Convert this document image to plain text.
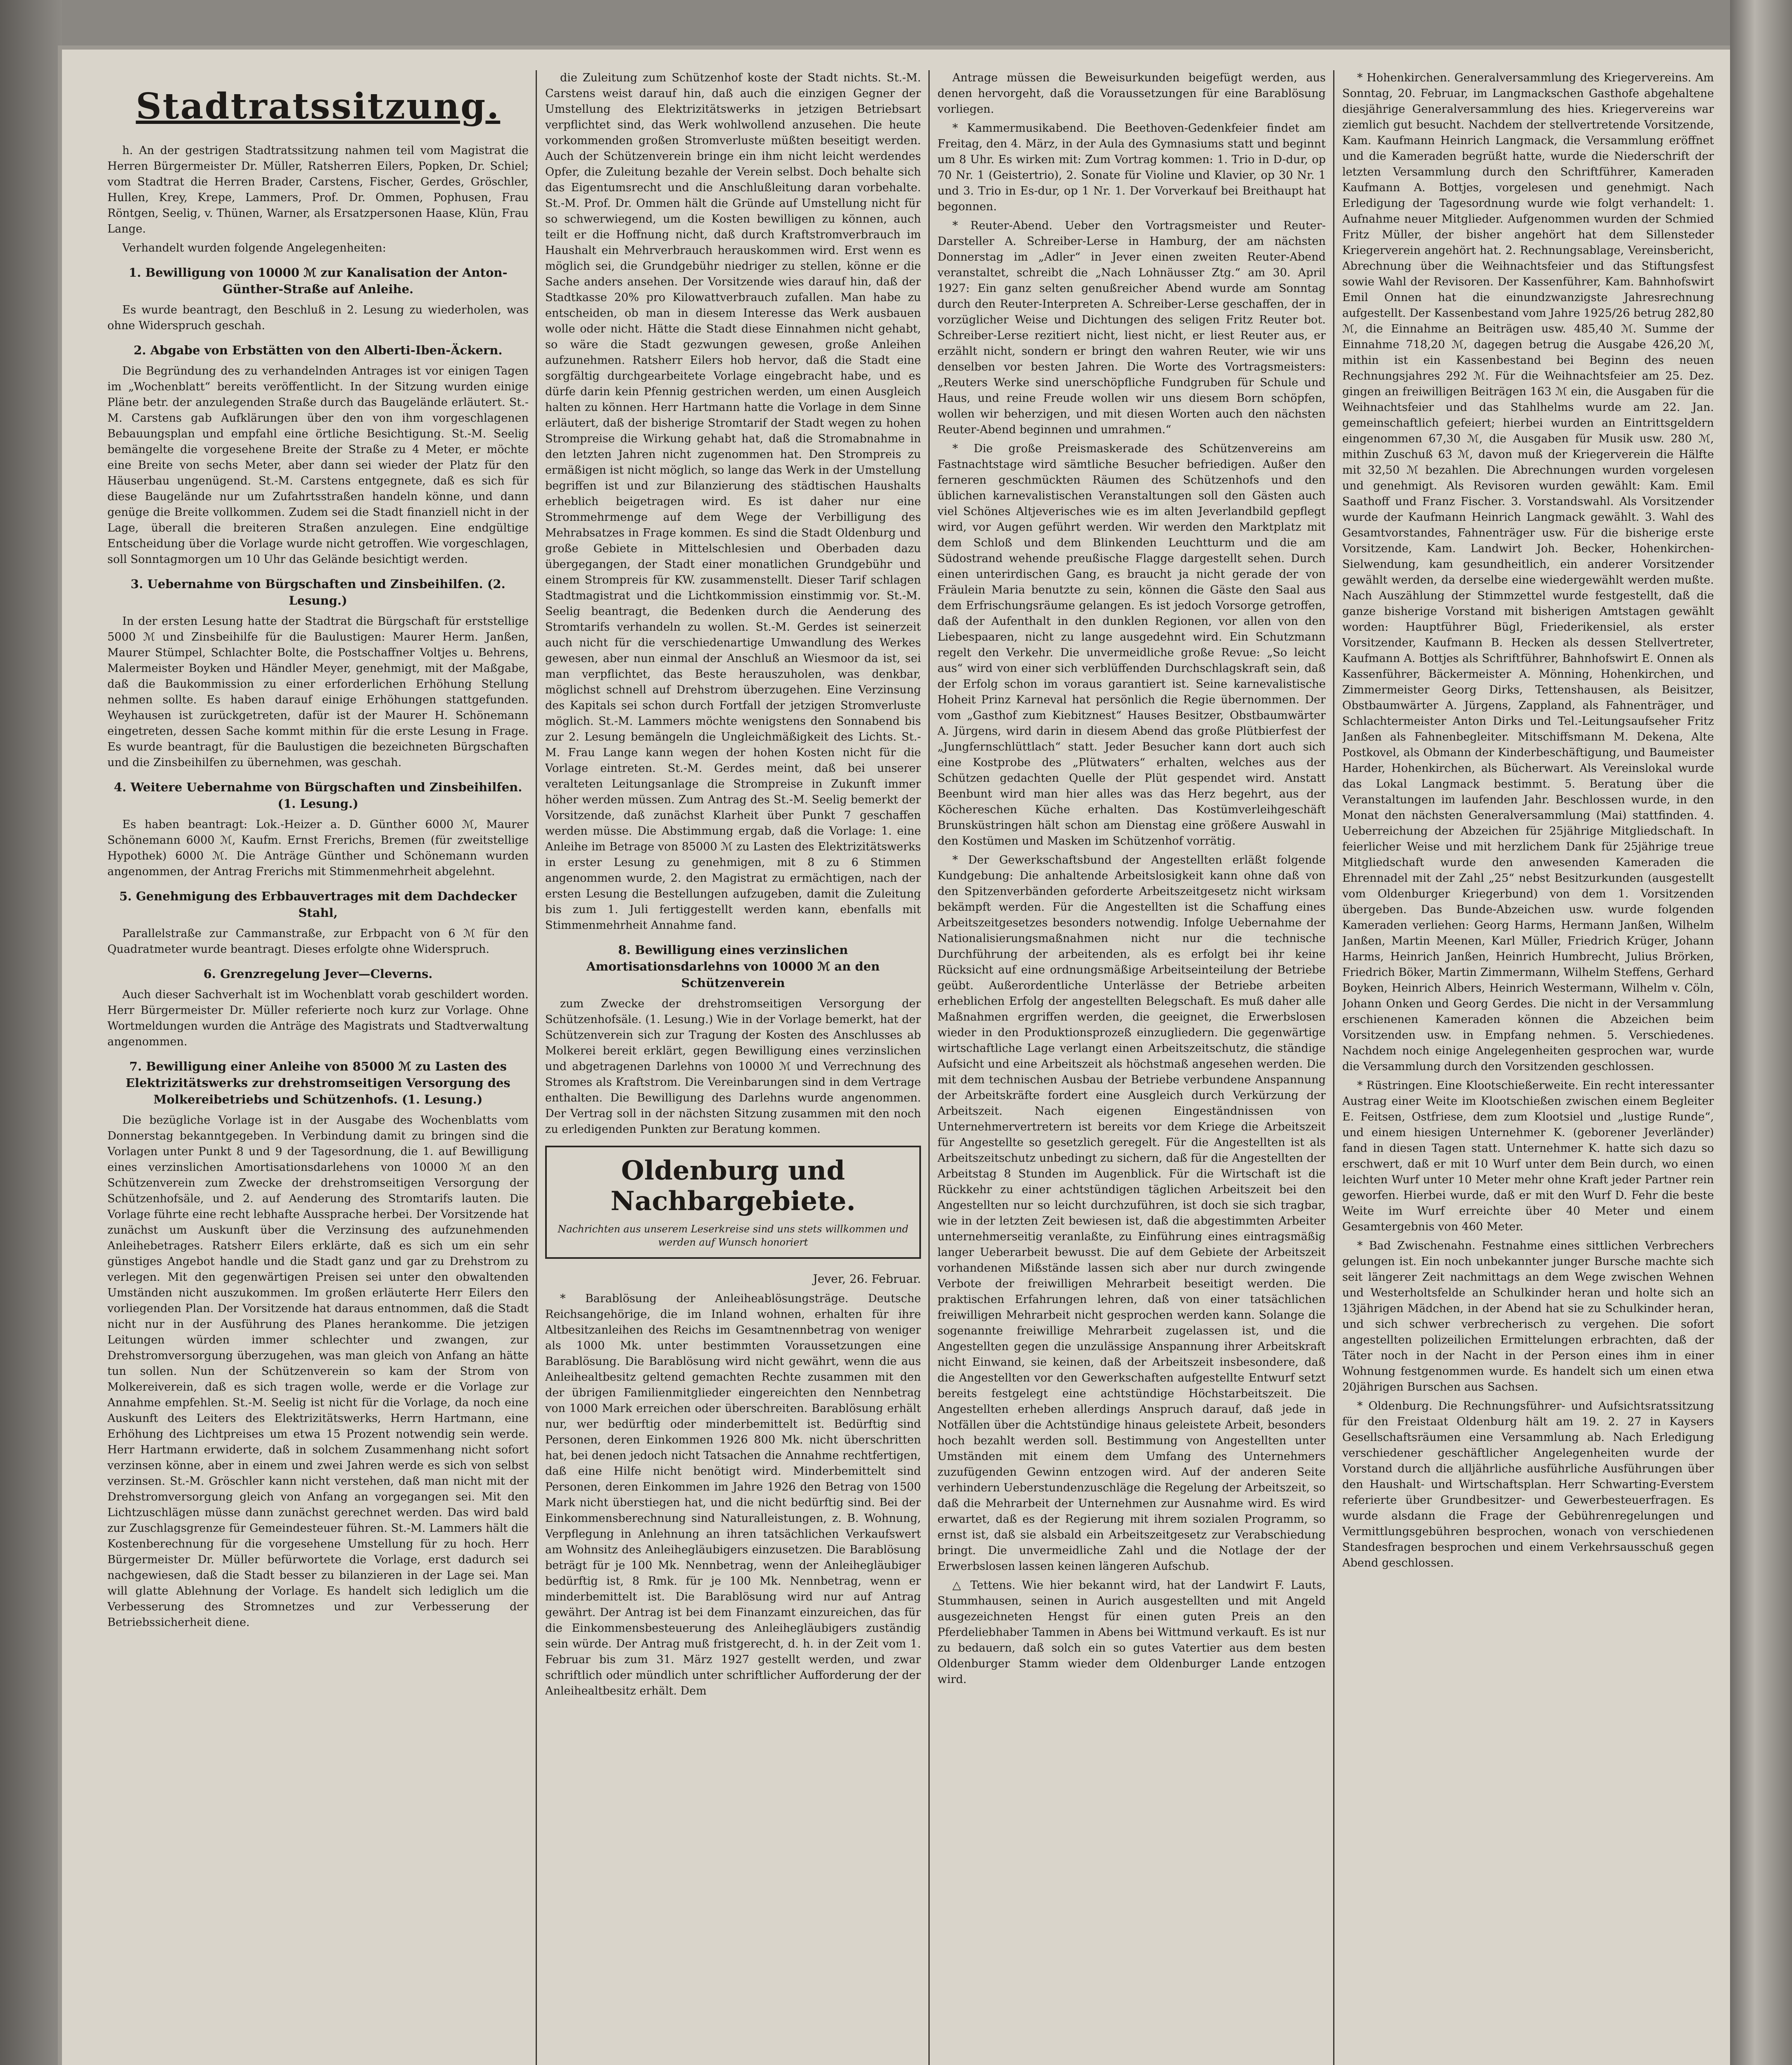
Stadtratssitzung.

h. An der gestrigen Stadtratssitzung nahmen teil vom Magistrat die Herren Bürgermeister Dr. Müller, Ratsherren Eilers, Popken, Dr. Schiel; vom Stadtrat die Herren Brader, Carstens, Fischer, Gerdes, Gröschler, Hullen, Krey, Krepe, Lammers, Prof. Dr. Ommen, Pophusen, Frau Röntgen, Seelig, v. Thünen, Warner, als Ersatzpersonen Haase, Klün, Frau Lange.

Verhandelt wurden folgende Angelegenheiten:

1. Bewilligung von 10000 ℳ zur Kanalisation der Anton-Günther-Straße auf Anleihe.

Es wurde beantragt, den Beschluß in 2. Lesung zu wiederholen, was ohne Widerspruch geschah.

2. Abgabe von Erbstätten von den Alberti-Iben-Äckern.

Die Begründung des zu verhandelnden Antrages ist vor einigen Tagen im „Wochenblatt“ bereits veröffentlicht. In der Sitzung wurden einige Pläne betr. der anzulegenden Straße durch das Baugelände erläutert. St.-M. Carstens gab Aufklärungen über den von ihm vorgeschlagenen Bebauungsplan und empfahl eine örtliche Besichtigung. St.-M. Seelig bemängelte die vorgesehene Breite der Straße zu 4 Meter, er möchte eine Breite von sechs Meter, aber dann sei wieder der Platz für den Häuserbau ungenügend. St.-M. Carstens entgegnete, daß es sich für diese Baugelände nur um Zufahrtsstraßen handeln könne, und dann genüge die Breite vollkommen. Zudem sei die Stadt finanziell nicht in der Lage, überall die breiteren Straßen anzulegen. Eine endgültige Entscheidung über die Vorlage wurde nicht getroffen. Wie vorgeschlagen, soll Sonntagmorgen um 10 Uhr das Gelände besichtigt werden.

3. Uebernahme von Bürgschaften und Zinsbeihilfen. (2. Lesung.)

In der ersten Lesung hatte der Stadtrat die Bürgschaft für erststellige 5000 ℳ und Zinsbeihilfe für die Baulustigen: Maurer Herm. Janßen, Maurer Stümpel, Schlachter Bolte, die Postschaffner Voltjes u. Behrens, Malermeister Boyken und Händler Meyer, genehmigt, mit der Maßgabe, daß die Baukommission zu einer erforderlichen Erhöhung Stellung nehmen sollte. Es haben darauf einige Erhöhungen stattgefunden. Weyhausen ist zurückgetreten, dafür ist der Maurer H. Schönemann eingetreten, dessen Sache kommt mithin für die erste Lesung in Frage. Es wurde beantragt, für die Baulustigen die bezeichneten Bürgschaften und die Zinsbeihilfen zu übernehmen, was geschah.

4. Weitere Uebernahme von Bürgschaften und Zinsbeihilfen. (1. Lesung.)

Es haben beantragt: Lok.-Heizer a. D. Günther 6000 ℳ, Maurer Schönemann 6000 ℳ, Kaufm. Ernst Frerichs, Bremen (für zweitstellige Hypothek) 6000 ℳ. Die Anträge Günther und Schönemann wurden angenommen, der Antrag Frerichs mit Stimmenmehrheit abgelehnt.

5. Genehmigung des Erbbauvertrages mit dem Dachdecker Stahl,

Parallelstraße zur Cammanstraße, zur Erbpacht von 6 ℳ für den Quadratmeter wurde beantragt. Dieses erfolgte ohne Widerspruch.

6. Grenzregelung Jever—Cleverns.

Auch dieser Sachverhalt ist im Wochenblatt vorab geschildert worden. Herr Bürgermeister Dr. Müller referierte noch kurz zur Vorlage. Ohne Wortmeldungen wurden die Anträge des Magistrats und Stadtverwaltung angenommen.

7. Bewilligung einer Anleihe von 85000 ℳ zu Lasten des Elektrizitätswerks zur drehstromseitigen Versorgung des Molkereibetriebs und Schützenhofs. (1. Lesung.)

Die bezügliche Vorlage ist in der Ausgabe des Wochenblatts vom Donnerstag bekanntgegeben. In Verbindung damit zu bringen sind die Vorlagen unter Punkt 8 und 9 der Tagesordnung, die 1. auf Bewilligung eines verzinslichen Amortisationsdarlehens von 10000 ℳ an den Schützenverein zum Zwecke der drehstromseitigen Versorgung der Schützenhofsäle, und 2. auf Aenderung des Stromtarifs lauten. Die Vorlage führte eine recht lebhafte Aussprache herbei. Der Vorsitzende hat zunächst um Auskunft über die Verzinsung des aufzunehmenden Anleihebetrages. Ratsherr Eilers erklärte, daß es sich um ein sehr günstiges Angebot handle und die Stadt ganz und gar zu Drehstrom zu verlegen. Mit den gegenwärtigen Preisen sei unter den obwaltenden Umständen nicht auszukommen. Im großen erläuterte Herr Eilers den vorliegenden Plan. Der Vorsitzende hat daraus entnommen, daß die Stadt nicht nur in der Ausführung des Planes herankomme. Die jetzigen Leitungen würden immer schlechter und zwangen, zur Drehstromversorgung überzugehen, was man gleich von Anfang an hätte tun sollen. Nun der Schützenverein so kam der Strom von Molkereiverein, daß es sich tragen wolle, werde er die Vorlage zur Annahme empfehlen. St.-M. Seelig ist nicht für die Vorlage, da noch eine Auskunft des Leiters des Elektrizitätswerks, Herrn Hartmann, eine Erhöhung des Lichtpreises um etwa 15 Prozent notwendig sein werde. Herr Hartmann erwiderte, daß in solchem Zusammenhang nicht sofort verzinsen könne, aber in einem und zwei Jahren werde es sich von selbst verzinsen. St.-M. Gröschler kann nicht verstehen, daß man nicht mit der Drehstromversorgung gleich von Anfang an vorgegangen sei. Mit den Lichtzuschlägen müsse dann zunächst gerechnet werden. Das wird bald zur Zuschlagsgrenze für Gemeindesteuer führen. St.-M. Lammers hält die Kostenberechnung für die vorgesehene Umstellung für zu hoch. Herr Bürgermeister Dr. Müller befürwortete die Vorlage, erst dadurch sei nachgewiesen, daß die Stadt besser zu bilanzieren in der Lage sei. Man will glatte Ablehnung der Vorlage. Es handelt sich lediglich um die Verbesserung des Stromnetzes und zur Verbesserung der Betriebssicherheit diene.

die Zuleitung zum Schützenhof koste der Stadt nichts. St.-M. Carstens weist darauf hin, daß auch die einzigen Gegner der Umstellung des Elektrizitätswerks in jetzigen Betriebsart verpflichtet sind, das Werk wohlwollend anzusehen. Die heute vorkommenden großen Stromverluste müßten beseitigt werden. Auch der Schützenverein bringe ein ihm nicht leicht werdendes Opfer, die Zuleitung bezahle der Verein selbst. Doch behalte sich das Eigentumsrecht und die Anschlußleitung daran vorbehalte. St.-M. Prof. Dr. Ommen hält die Gründe auf Umstellung nicht für so schwerwiegend, um die Kosten bewilligen zu können, auch teilt er die Hoffnung nicht, daß durch Kraftstromverbrauch im Haushalt ein Mehrverbrauch herauskommen wird. Erst wenn es möglich sei, die Grundgebühr niedriger zu stellen, könne er die Sache anders ansehen. Der Vorsitzende wies darauf hin, daß der Stadtkasse 20% pro Kilowattverbrauch zufallen. Man habe zu entscheiden, ob man in diesem Interesse das Werk ausbauen wolle oder nicht. Hätte die Stadt diese Einnahmen nicht gehabt, so wäre die Stadt gezwungen gewesen, große Anleihen aufzunehmen. Ratsherr Eilers hob hervor, daß die Stadt eine sorgfältig durchgearbeitete Vorlage eingebracht habe, und es dürfe darin kein Pfennig gestrichen werden, um einen Ausgleich halten zu können. Herr Hartmann hatte die Vorlage in dem Sinne erläutert, daß der bisherige Stromtarif der Stadt wegen zu hohen Strompreise die Wirkung gehabt hat, daß die Stromabnahme in den letzten Jahren nicht zugenommen hat. Den Strompreis zu ermäßigen ist nicht möglich, so lange das Werk in der Umstellung begriffen ist und zur Bilanzierung des städtischen Haushalts erheblich beigetragen wird. Es ist daher nur eine Strommehrmenge auf dem Wege der Verbilligung des Mehrabsatzes in Frage kommen. Es sind die Stadt Oldenburg und große Gebiete in Mittelschlesien und Oberbaden dazu übergegangen, der Stadt einer monatlichen Grundgebühr und einem Strompreis für KW. zusammenstellt. Dieser Tarif schlagen Stadtmagistrat und die Lichtkommission einstimmig vor. St.-M. Seelig beantragt, die Bedenken durch die Aenderung des Stromtarifs verhandeln zu wollen. St.-M. Gerdes ist seinerzeit auch nicht für die verschiedenartige Umwandlung des Werkes gewesen, aber nun einmal der Anschluß an Wiesmoor da ist, sei man verpflichtet, das Beste herauszuholen, was denkbar, möglichst schnell auf Drehstrom überzugehen. Eine Verzinsung des Kapitals sei schon durch Fortfall der jetzigen Stromverluste möglich. St.-M. Lammers möchte wenigstens den Sonnabend bis zur 2. Lesung bemängeln die Ungleichmäßigkeit des Lichts. St.-M. Frau Lange kann wegen der hohen Kosten nicht für die Vorlage eintreten. St.-M. Gerdes meint, daß bei unserer veralteten Leitungsanlage die Strompreise in Zukunft immer höher werden müssen. Zum Antrag des St.-M. Seelig bemerkt der Vorsitzende, daß zunächst Klarheit über Punkt 7 geschaffen werden müsse. Die Abstimmung ergab, daß die Vorlage: 1. eine Anleihe im Betrage von 85000 ℳ zu Lasten des Elektrizitätswerks in erster Lesung zu genehmigen, mit 8 zu 6 Stimmen angenommen wurde, 2. den Magistrat zu ermächtigen, nach der ersten Lesung die Bestellungen aufzugeben, damit die Zuleitung bis zum 1. Juli fertiggestellt werden kann, ebenfalls mit Stimmenmehrheit Annahme fand.

8. Bewilligung eines verzinslichen Amortisationsdarlehns von 10000 ℳ an den Schützenverein

zum Zwecke der drehstromseitigen Versorgung der Schützenhofsäle. (1. Lesung.) Wie in der Vorlage bemerkt, hat der Schützenverein sich zur Tragung der Kosten des Anschlusses ab Molkerei bereit erklärt, gegen Bewilligung eines verzinslichen und abgetragenen Darlehns von 10000 ℳ und Verrechnung des Stromes als Kraftstrom. Die Vereinbarungen sind in dem Vertrage enthalten. Die Bewilligung des Darlehns wurde angenommen. Der Vertrag soll in der nächsten Sitzung zusammen mit den noch zu erledigenden Punkten zur Beratung kommen.

Oldenburg und Nachbargebiete.
Nachrichten aus unserem Leserkreise sind uns stets willkommen und werden auf Wunsch honoriert
Jever, 26. Februar.

* Barablösung der Anleiheablösungsträge. Deutsche Reichsangehörige, die im Inland wohnen, erhalten für ihre Altbesitzanleihen des Reichs im Gesamtnennbetrag von weniger als 1000 Mk. unter bestimmten Voraussetzungen eine Barablösung. Die Barablösung wird nicht gewährt, wenn die aus Anleihealtbesitz geltend gemachten Rechte zusammen mit den der übrigen Familienmitglieder eingereichten den Nennbetrag von 1000 Mark erreichen oder überschreiten. Barablösung erhält nur, wer bedürftig oder minderbemittelt ist. Bedürftig sind Personen, deren Einkommen 1926 800 Mk. nicht überschritten hat, bei denen jedoch nicht Tatsachen die Annahme rechtfertigen, daß eine Hilfe nicht benötigt wird. Minderbemittelt sind Personen, deren Einkommen im Jahre 1926 den Betrag von 1500 Mark nicht überstiegen hat, und die nicht bedürftig sind. Bei der Einkommensberechnung sind Naturalleistungen, z. B. Wohnung, Verpflegung in Anlehnung an ihren tatsächlichen Verkaufswert am Wohnsitz des Anleihegläubigers einzusetzen. Die Barablösung beträgt für je 100 Mk. Nennbetrag, wenn der Anleihegläubiger bedürftig ist, 8 Rmk. für je 100 Mk. Nennbetrag, wenn er minderbemittelt ist. Die Barablösung wird nur auf Antrag gewährt. Der Antrag ist bei dem Finanzamt einzureichen, das für die Einkommensbesteuerung des Anleihegläubigers zuständig sein würde. Der Antrag muß fristgerecht, d. h. in der Zeit vom 1. Februar bis zum 31. März 1927 gestellt werden, und zwar schriftlich oder mündlich unter schriftlicher Aufforderung der der Anleihealtbesitz erhält. Dem

Antrage müssen die Beweisurkunden beigefügt werden, aus denen hervorgeht, daß die Voraussetzungen für eine Barablösung vorliegen.

* Kammermusikabend. Die Beethoven-Gedenkfeier findet am Freitag, den 4. März, in der Aula des Gymnasiums statt und beginnt um 8 Uhr. Es wirken mit: Zum Vortrag kommen: 1. Trio in D-dur, op 70 Nr. 1 (Geistertrio), 2. Sonate für Violine und Klavier, op 30 Nr. 1 und 3. Trio in Es-dur, op 1 Nr. 1. Der Vorverkauf bei Breithaupt hat begonnen.

* Reuter-Abend. Ueber den Vortragsmeister und Reuter-Darsteller A. Schreiber-Lerse in Hamburg, der am nächsten Donnerstag im „Adler“ in Jever einen zweiten Reuter-Abend veranstaltet, schreibt die „Nach Lohnäusser Ztg.“ am 30. April 1927: Ein ganz selten genußreicher Abend wurde am Sonntag durch den Reuter-Interpreten A. Schreiber-Lerse geschaffen, der in vorzüglicher Weise und Dichtungen des seligen Fritz Reuter bot. Schreiber-Lerse rezitiert nicht, liest nicht, er liest Reuter aus, er erzählt nicht, sondern er bringt den wahren Reuter, wie wir uns denselben vor besten Jahren. Die Worte des Vortragsmeisters: „Reuters Werke sind unerschöpfliche Fundgruben für Schule und Haus, und reine Freude wollen wir uns diesem Born schöpfen, wollen wir beherzigen, und mit diesen Worten auch den nächsten Reuter-Abend beginnen und umrahmen.“

* Die große Preismaskerade des Schützenvereins am Fastnachtstage wird sämtliche Besucher befriedigen. Außer den ferneren geschmückten Räumen des Schützenhofs und den üblichen karnevalistischen Veranstaltungen soll den Gästen auch viel Schönes Altjeverisches wie es im alten Jeverlandbild gepflegt wird, vor Augen geführt werden. Wir werden den Marktplatz mit dem Schloß und dem Blinkenden Leuchtturm und die am Südostrand wehende preußische Flagge dargestellt sehen. Durch einen unterirdischen Gang, es braucht ja nicht gerade der von Fräulein Maria benutzte zu sein, können die Gäste den Saal aus dem Erfrischungsräume gelangen. Es ist jedoch Vorsorge getroffen, daß der Aufenthalt in den dunklen Regionen, vor allen von den Liebespaaren, nicht zu lange ausgedehnt wird. Ein Schutzmann regelt den Verkehr. Die unvermeidliche große Revue: „So leicht aus“ wird von einer sich verblüffenden Durchschlagskraft sein, daß der Erfolg schon im voraus garantiert ist. Seine karnevalistische Hoheit Prinz Karneval hat persönlich die Regie übernommen. Der vom „Gasthof zum Kiebitznest“ Hauses Besitzer, Obstbaumwärter A. Jürgens, wird darin in diesem Abend das große Plütbierfest der „Jungfernschlüttlach“ statt. Jeder Besucher kann dort auch sich eine Kostprobe des „Plütwaters“ erhalten, welches aus der Schützen gedachten Quelle der Plüt gespendet wird. Anstatt Beenbunt wird man hier alles was das Herz begehrt, aus der Köchereschen Küche erhalten. Das Kostümverleihgeschäft Brunsküstringen hält schon am Dienstag eine größere Auswahl in den Kostümen und Masken im Schützenhof vorrätig.

* Der Gewerkschaftsbund der Angestellten erläßt folgende Kundgebung: Die anhaltende Arbeitslosigkeit kann ohne daß von den Spitzenverbänden geforderte Arbeitszeitgesetz nicht wirksam bekämpft werden. Für die Angestellten ist die Schaffung eines Arbeitszeitgesetzes besonders notwendig. Infolge Uebernahme der Nationalisierungsmaßnahmen nicht nur die technische Durchführung der arbeitenden, als es erfolgt bei ihr keine Rücksicht auf eine ordnungsmäßige Arbeitseinteilung der Betriebe geübt. Außerordentliche Unterlässe der Betriebe arbeiten erheblichen Erfolg der angestellten Belegschaft. Es muß daher alle Maßnahmen ergriffen werden, die geeignet, die Erwerbslosen wieder in den Produktionsprozeß einzugliedern. Die gegenwärtige wirtschaftliche Lage verlangt einen Arbeitszeitschutz, die ständige Aufsicht und eine Arbeitszeit als höchstmaß angesehen werden. Die mit dem technischen Ausbau der Betriebe verbundene Anspannung der Arbeitskräfte fordert eine Ausgleich durch Verkürzung der Arbeitszeit. Nach eigenen Eingeständnissen von Unternehmervertretern ist bereits vor dem Kriege die Arbeitszeit für Angestellte so gesetzlich geregelt. Für die Angestellten ist als Arbeitszeitschutz unbedingt zu sichern, daß für die Angestellten der Arbeitstag 8 Stunden im Augenblick. Für die Wirtschaft ist die Rückkehr zu einer achtstündigen täglichen Arbeitszeit bei den Angestellten nur so leicht durchzuführen, ist doch sie sich tragbar, wie in der letzten Zeit bewiesen ist, daß die abgestimmten Arbeiter unternehmerseitig veranlaßte, zu Einführung eines eintragsmäßig langer Ueberarbeit bewusst. Die auf dem Gebiete der Arbeitszeit vorhandenen Mißstände lassen sich aber nur durch zwingende Verbote der freiwilligen Mehrarbeit beseitigt werden. Die praktischen Erfahrungen lehren, daß von einer tatsächlichen freiwilligen Mehrarbeit nicht gesprochen werden kann. Solange die sogenannte freiwillige Mehrarbeit zugelassen ist, und die Angestellten gegen die unzulässige Anspannung ihrer Arbeitskraft nicht Einwand, sie keinen, daß der Arbeitszeit insbesondere, daß die Angestellten vor den Gewerkschaften aufgestellte Entwurf setzt bereits festgelegt eine achtstündige Höchstarbeitszeit. Die Angestellten erheben allerdings Anspruch darauf, daß jede in Notfällen über die Achtstündige hinaus geleistete Arbeit, besonders hoch bezahlt werden soll. Bestimmung von Angestellten unter Umständen mit einem dem Umfang des Unternehmers zuzufügenden Gewinn entzogen wird. Auf der anderen Seite verhindern Ueberstundenzuschläge die Regelung der Arbeitszeit, so daß die Mehrarbeit der Unternehmen zur Ausnahme wird. Es wird erwartet, daß es der Regierung mit ihrem sozialen Programm, so ernst ist, daß sie alsbald ein Arbeitszeitgesetz zur Verabschiedung bringt. Die unvermeidliche Zahl und die Notlage der der Erwerbslosen lassen keinen längeren Aufschub.

△ Tettens. Wie hier bekannt wird, hat der Landwirt F. Lauts, Stummhausen, seinen in Aurich ausgestellten und mit Angeld ausgezeichneten Hengst für einen guten Preis an den Pferdeliebhaber Tammen in Abens bei Wittmund verkauft. Es ist nur zu bedauern, daß solch ein so gutes Vatertier aus dem besten Oldenburger Stamm wieder dem Oldenburger Lande entzogen wird.

* Hohenkirchen. Generalversammlung des Kriegervereins. Am Sonntag, 20. Februar, im Langmackschen Gasthofe abgehaltene diesjährige Generalversammlung des hies. Kriegervereins war ziemlich gut besucht. Nachdem der stellvertretende Vorsitzende, Kam. Kaufmann Heinrich Langmack, die Versammlung eröffnet und die Kameraden begrüßt hatte, wurde die Niederschrift der letzten Versammlung durch den Schriftführer, Kameraden Kaufmann A. Bottjes, vorgelesen und genehmigt. Nach Erledigung der Tagesordnung wurde wie folgt verhandelt: 1. Aufnahme neuer Mitglieder. Aufgenommen wurden der Schmied Fritz Müller, der bisher angehört hat dem Sillensteder Kriegerverein angehört hat. 2. Rechnungsablage, Vereinsbericht, Abrechnung über die Weihnachtsfeier und das Stiftungsfest sowie Wahl der Revisoren. Der Kassenführer, Kam. Bahnhofswirt Emil Onnen hat die einundzwanzigste Jahresrechnung aufgestellt. Der Kassenbestand vom Jahre 1925/26 betrug 282,80 ℳ, die Einnahme an Beiträgen usw. 485,40 ℳ. Summe der Einnahme 718,20 ℳ, dagegen betrug die Ausgabe 426,20 ℳ, mithin ist ein Kassenbestand bei Beginn des neuen Rechnungsjahres 292 ℳ. Für die Weihnachtsfeier am 25. Dez. gingen an freiwilligen Beiträgen 163 ℳ ein, die Ausgaben für die Weihnachtsfeier und das Stahlhelms wurde am 22. Jan. gemeinschaftlich gefeiert; hierbei wurden an Eintrittsgeldern eingenommen 67,30 ℳ, die Ausgaben für Musik usw. 280 ℳ, mithin Zuschuß 63 ℳ, davon muß der Kriegerverein die Hälfte mit 32,50 ℳ bezahlen. Die Abrechnungen wurden vorgelesen und genehmigt. Als Revisoren wurden gewählt: Kam. Emil Saathoff und Franz Fischer. 3. Vorstandswahl. Als Vorsitzender wurde der Kaufmann Heinrich Langmack gewählt. 3. Wahl des Gesamtvorstandes, Fahnenträger usw. Für die bisherige erste Vorsitzende, Kam. Landwirt Joh. Becker, Hohenkirchen-Sielwendung, kam gesundheitlich, ein anderer Vorsitzender gewählt werden, da derselbe eine wiedergewählt werden mußte. Nach Auszählung der Stimmzettel wurde festgestellt, daß die ganze bisherige Vorstand mit bisherigen Amtstagen gewählt worden: Hauptführer Bügl, Friederikensiel, als erster Vorsitzender, Kaufmann B. Hecken als dessen Stellvertreter, Kaufmann A. Bottjes als Schriftführer, Bahnhofswirt E. Onnen als Kassenführer, Bäckermeister A. Mönning, Hohenkirchen, und Zimmermeister Georg Dirks, Tettenshausen, als Beisitzer, Obstbaumwärter A. Jürgens, Zappland, als Fahnenträger, und Schlachtermeister Anton Dirks und Tel.-Leitungsaufseher Fritz Janßen als Fahnenbegleiter. Mitschiffsmann M. Dekena, Alte Postkovel, als Obmann der Kinderbeschäftigung, und Baumeister Harder, Hohenkirchen, als Bücherwart. Als Vereinslokal wurde das Lokal Langmack bestimmt. 5. Beratung über die Veranstaltungen im laufenden Jahr. Beschlossen wurde, in den Monat den nächsten Generalversammlung (Mai) stattfinden. 4. Ueberreichung der Abzeichen für 25jährige Mitgliedschaft. In feierlicher Weise und mit herzlichem Dank für 25jährige treue Mitgliedschaft wurde den anwesenden Kameraden die Ehrennadel mit der Zahl „25“ nebst Besitzurkunden (ausgestellt vom Oldenburger Kriegerbund) von dem 1. Vorsitzenden übergeben. Das Bunde-Abzeichen usw. wurde folgenden Kameraden verliehen: Georg Harms, Hermann Janßen, Wilhelm Janßen, Martin Meenen, Karl Müller, Friedrich Krüger, Johann Harms, Heinrich Janßen, Heinrich Humbrecht, Julius Brörken, Friedrich Böker, Martin Zimmermann, Wilhelm Steffens, Gerhard Boyken, Heinrich Albers, Heinrich Westermann, Wilhelm v. Cöln, Johann Onken und Georg Gerdes. Die nicht in der Versammlung erschienenen Kameraden können die Abzeichen beim Vorsitzenden usw. in Empfang nehmen. 5. Verschiedenes. Nachdem noch einige Angelegenheiten gesprochen war, wurde die Versammlung durch den Vorsitzenden geschlossen.

* Rüstringen. Eine Klootschießerweite. Ein recht interessanter Austrag einer Weite im Klootschießen zwischen einem Begleiter E. Feitsen, Ostfriese, dem zum Klootsiel und „lustige Runde“, und einem hiesigen Unternehmer K. (geborener Jeverländer) fand in diesen Tagen statt. Unternehmer K. hatte sich dazu so erschwert, daß er mit 10 Wurf unter dem Bein durch, wo einen leichten Wurf unter 10 Meter mehr ohne Kraft jeder Partner rein geworfen. Hierbei wurde, daß er mit den Wurf D. Fehr die beste Weite im Wurf erreichte über 40 Meter und einem Gesamtergebnis von 460 Meter.

* Bad Zwischenahn. Festnahme eines sittlichen Verbrechers gelungen ist. Ein noch unbekannter junger Bursche machte sich seit längerer Zeit nachmittags an dem Wege zwischen Wehnen und Westerholtsfelde an Schulkinder heran und holte sich an 13jährigen Mädchen, in der Abend hat sie zu Schulkinder heran, und sich schwer verbrecherisch zu vergehen. Die sofort angestellten polizeilichen Ermittelungen erbrachten, daß der Täter noch in der Nacht in der Person eines ihm in einer Wohnung festgenommen wurde. Es handelt sich um einen etwa 20jährigen Burschen aus Sachsen.

* Oldenburg. Die Rechnungsführer- und Aufsichtsratssitzung für den Freistaat Oldenburg hält am 19. 2. 27 in Kaysers Gesellschaftsräumen eine Versammlung ab. Nach Erledigung verschiedener geschäftlicher Angelegenheiten wurde der Vorstand durch die alljährliche ausführliche Ausführungen über den Haushalt- und Wirtschaftsplan. Herr Schwarting-Everstem referierte über Grundbesitzer- und Gewerbesteuerfragen. Es wurde alsdann die Frage der Gebührenregelungen und Vermittlungsgebühren besprochen, wonach von verschiedenen Standesfragen besprochen und einem Verkehrsausschuß gegen Abend geschlossen.
